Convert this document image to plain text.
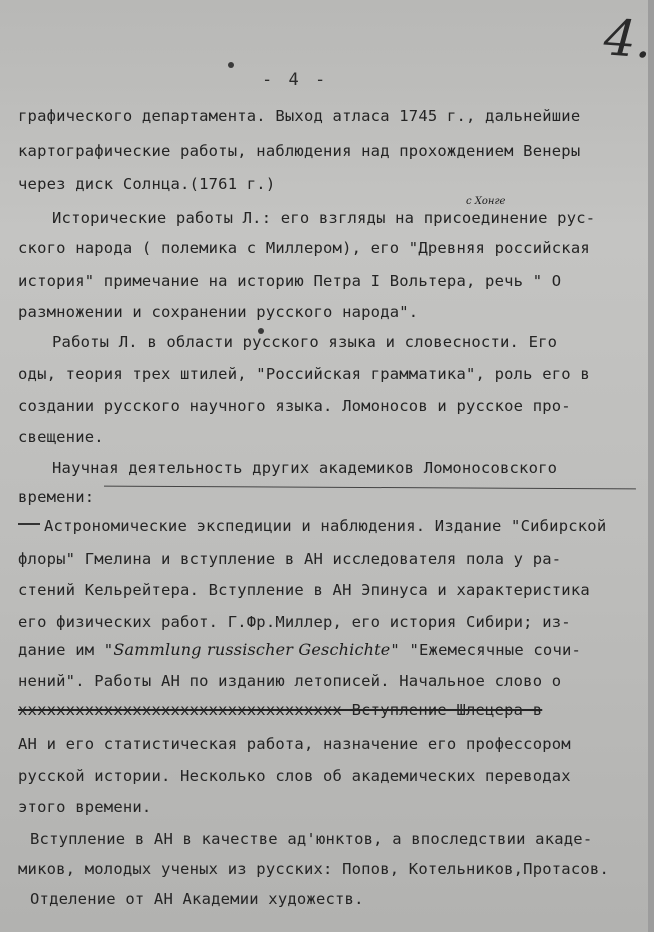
4.
- 4 -
графического департамента. Выход атласа 1745 г., дальнейшие
картографические работы, наблюдения над прохождением Венеры
через диск Солнца.(1761 г.)
с Хонге
Исторические работы Л.: его взгляды на присоединение рус-
ского народа ( полемика с Миллером), его "Древняя российская
история" примечание на историю Петра I Вольтера, речь " О
размножении и сохранении русского народа".
Работы Л. в области русского языка и словесности. Его
оды, теория трех штилей, "Российская грамматика", роль его в
создании русского научного языка. Ломоносов и русское про-
свещение.
Научная деятельность других академиков Ломоносовского
времени:
Астрономические экспедиции и наблюдения. Издание "Сибирской
флоры" Гмелина и вступление в АН исследователя пола у ра-
стений Кельрейтера. Вступление в АН Эпинуса и характеристика
его физических работ. Г.Фр.Миллер, его история Сибири; из-
дание им "Sammlung russischer Geschichte" "Ежемесячные сочи-
нений". Работы АН по изданию летописей. Начальное слово о
xxxxxxxxxxxxxxxxxxxxxxxxxxxxxxxxxx Вступление Шлецера в
АН и его статистическая работа, назначение его профессором
русской истории. Несколько слов об академических переводах
этого времени.
Вступление в АН в качестве ад'юнктов, а впоследствии акаде-
миков, молодых ученых из русских: Попов, Котельников,Протасов.
Отделение от АН Академии художеств.
